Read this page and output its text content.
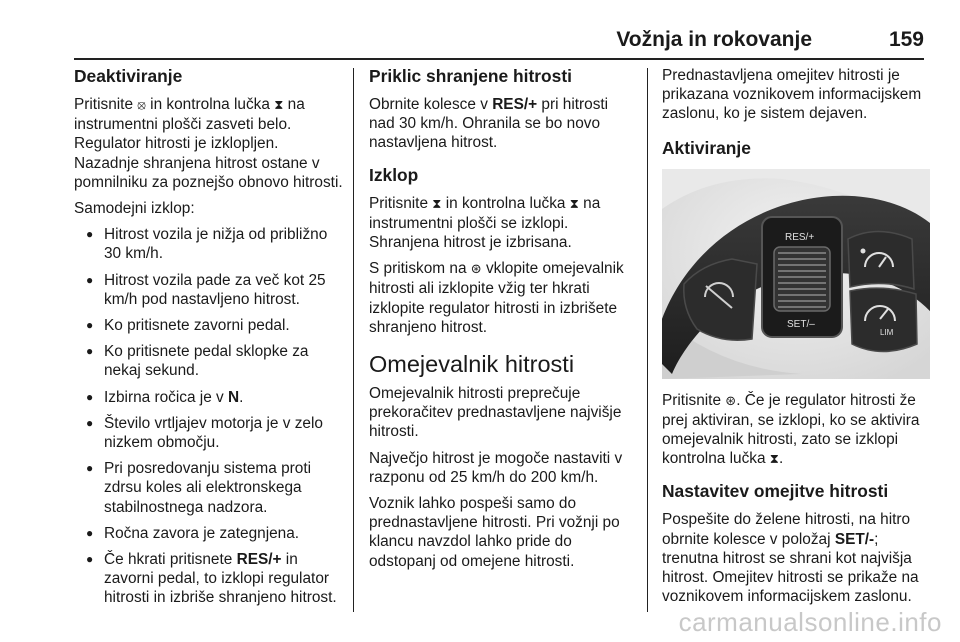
Vožnja in rokovanje	159
Deaktiviranje

Pritisnite ⦻ in kontrolna lučka ⧗ na instrumentni plošči zasveti belo. Regulator hitrosti je izklopljen. Nazadnje shranjena hitrost ostane v pomnilniku za poznejšo obnovo hitrosti.

Samodejni izklop:

● Hitrost vozila je nižja od približno 30 km/h.
● Hitrost vozila pade za več kot 25 km/h pod nastavljeno hitrost.
● Ko pritisnete zavorni pedal.
● Ko pritisnete pedal sklopke za nekaj sekund.
● Izbirna ročica je v N.
● Število vrtljajev motorja je v zelo nizkem območju.
● Pri posredovanju sistema proti zdrsu koles ali elektronskega stabilnostnega nadzora.
● Ročna zavora je zategnjena.
● Če hkrati pritisnete RES/+ in zavorni pedal, to izklopi regulator hitrosti in izbriše shranjeno hitrost.
Priklic shranjene hitrosti

Obrnite kolesce v RES/+ pri hitrosti nad 30 km/h. Ohranila se bo novo nastavljena hitrost.

Izklop

Pritisnite ⧗ in kontrolna lučka ⧗ na instrumentni plošči se izklopi. Shranjena hitrost je izbrisana.

S pritiskom na ⊛ vklopite omejevalnik hitrosti ali izklopite vžig ter hkrati izklopite regulator hitrosti in izbrišete shranjeno hitrost.

Omejevalnik hitrosti

Omejevalnik hitrosti preprečuje prekoračitev prednastavljene najvišje hitrosti.

Največjo hitrost je mogoče nastaviti v razponu od 25 km/h do 200 km/h.

Voznik lahko pospeši samo do prednastavljene hitrosti. Pri vožnji po klancu navzdol lahko pride do odstopanj od omejene hitrosti.

Prednastavljena omejitev hitrosti je prikazana voznikovem informacijskem zaslonu, ko je sistem dejaven.

Aktiviranje
RES/+
SET/–
LIM

Pritisnite ⊛. Če je regulator hitrosti že prej aktiviran, se izklopi, ko se aktivira omejevalnik hitrosti, zato se izklopi kontrolna lučka ⧗.

Nastavitev omejitve hitrosti

Pospešite do želene hitrosti, na hitro obrnite kolesce v položaj SET/-; trenutna hitrost se shrani kot najvišja hitrost. Omejitev hitrosti se prikaže na voznikovem informacijskem zaslonu.

carmanualsonline.info
